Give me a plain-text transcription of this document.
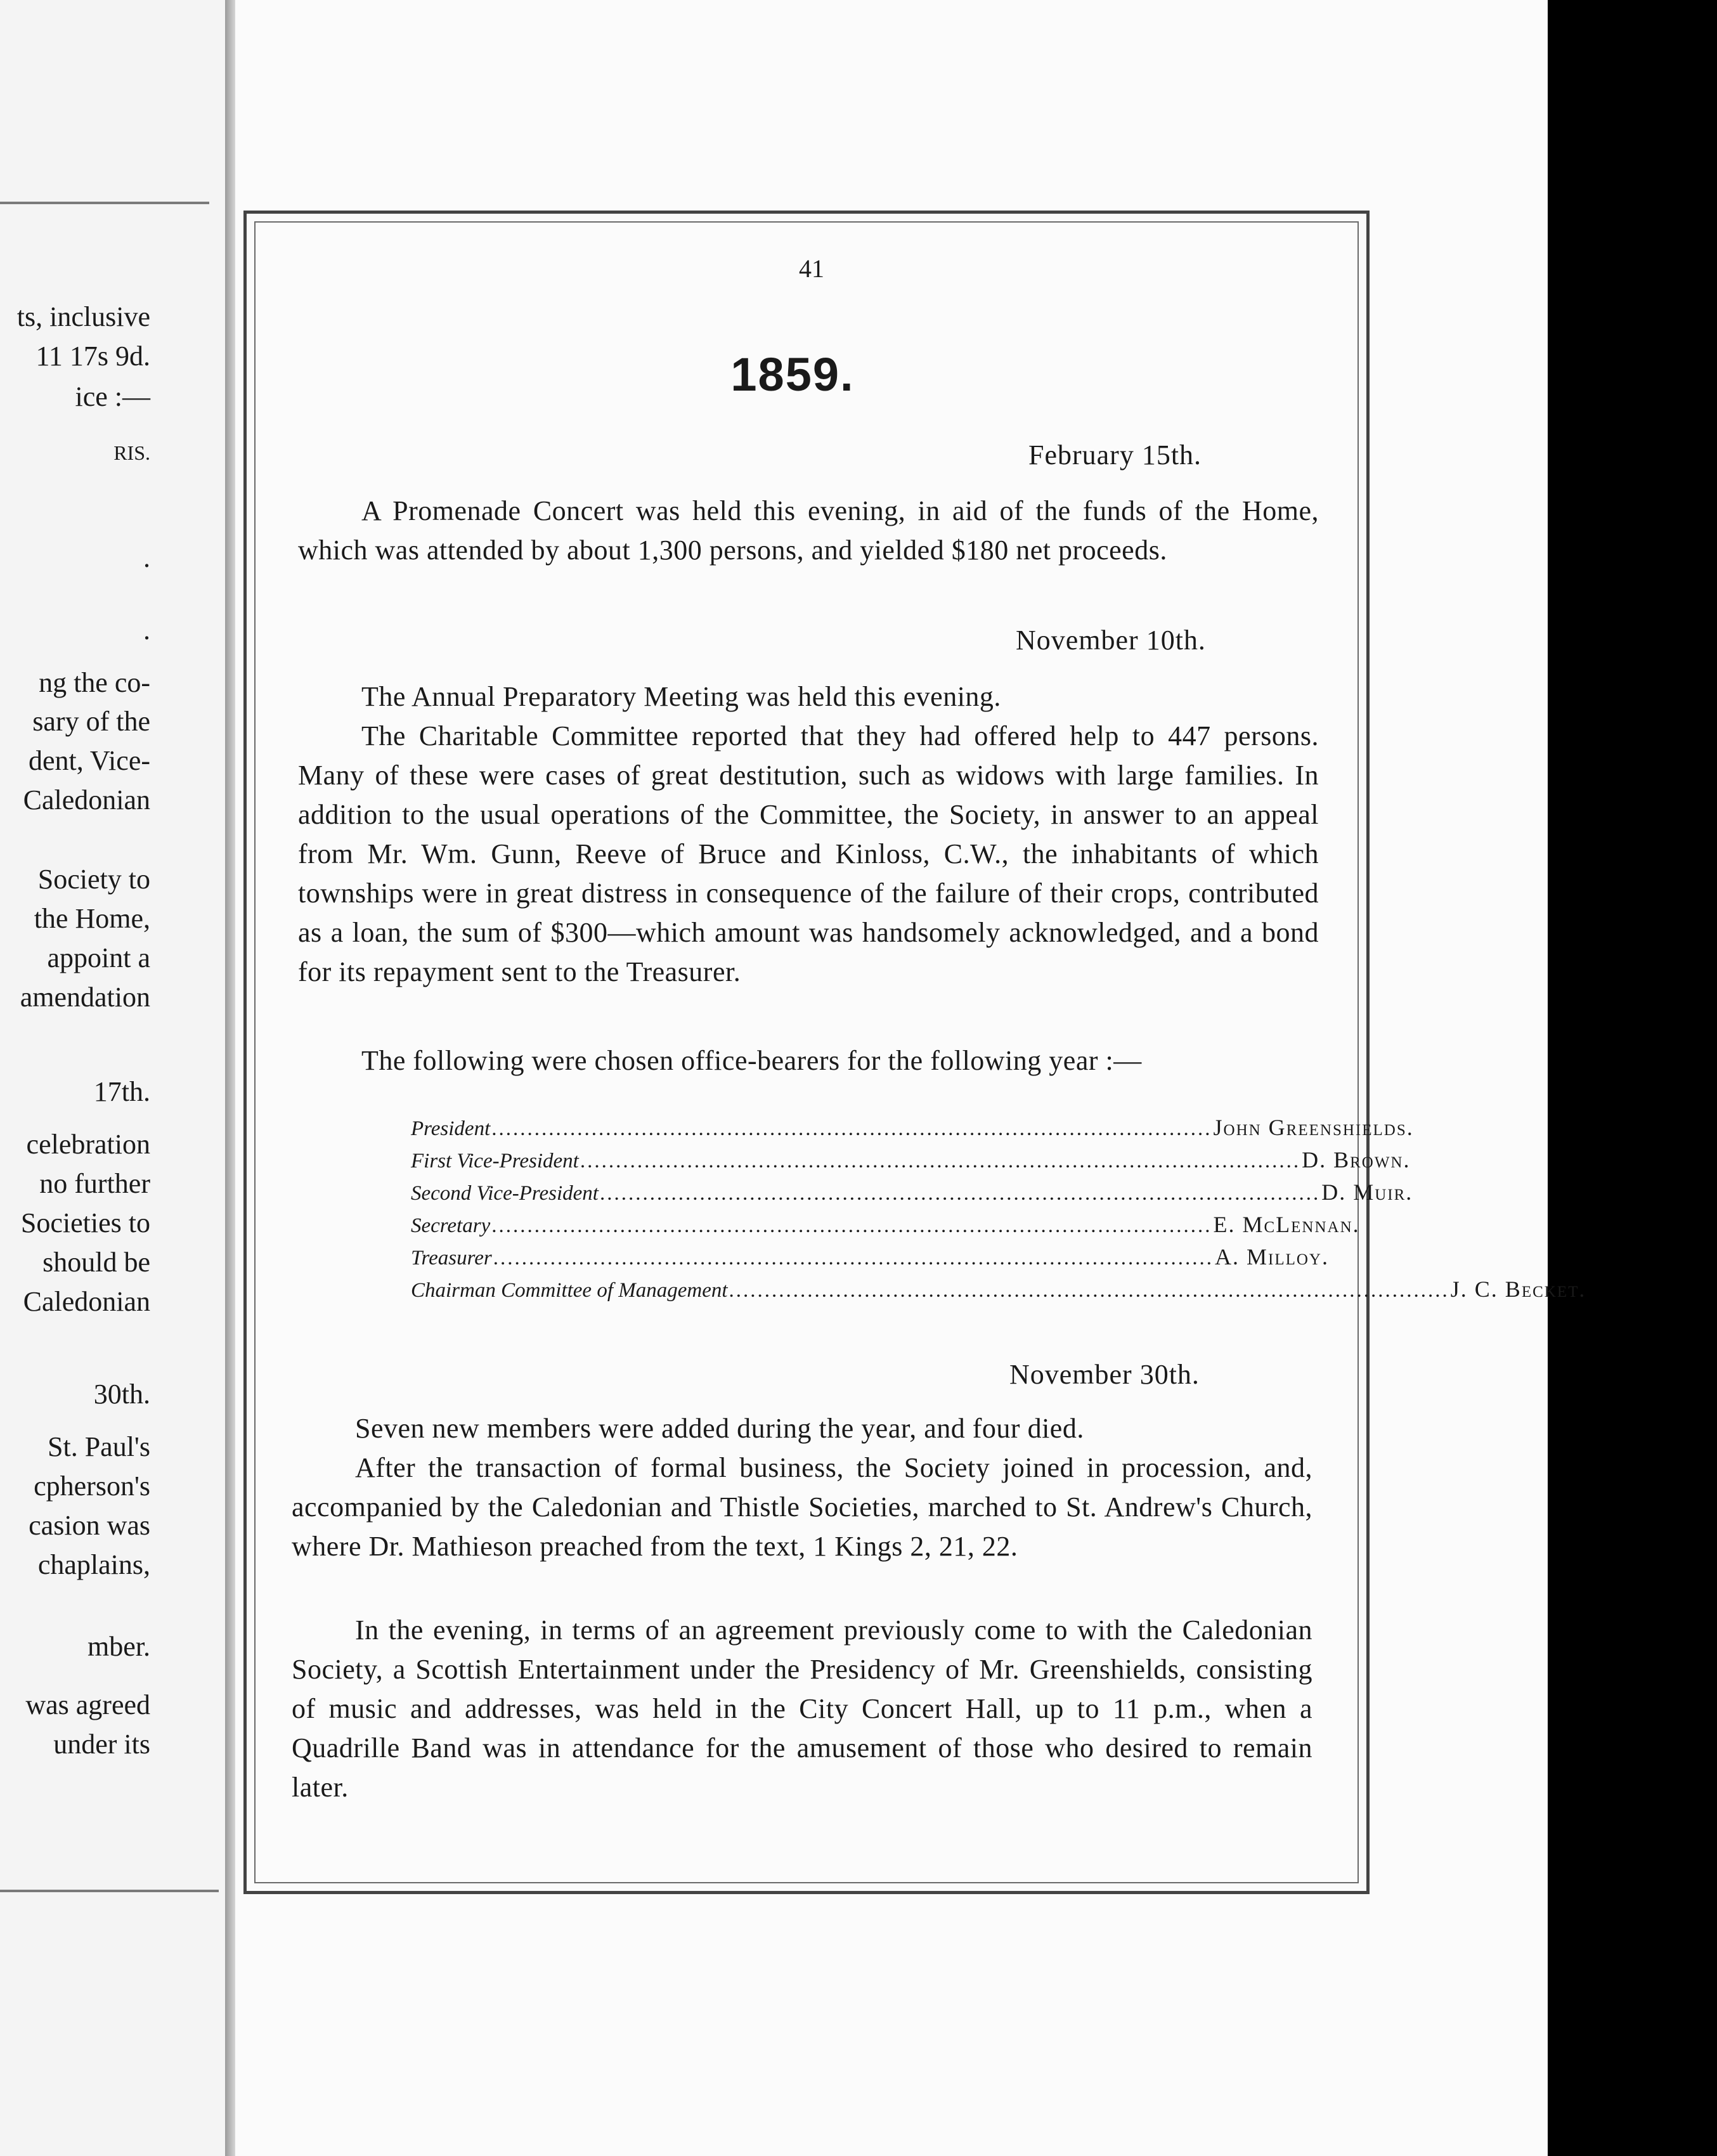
ts, inclusive
11 17s 9d.
ice :—
RIS.
.
.
ng the co-
sary of the
dent, Vice-
Caledonian
Society to
the Home,
appoint a
amendation
17th.
celebration
no further
Societies to
should be
Caledonian
30th.
St. Paul's
cpherson's
casion was
chaplains,
mber.
was agreed
under its
41
1859.
February 15th.
A Promenade Concert was held this evening, in aid of the funds of the Home, which was attended by about 1,300 persons, and yielded $180 net proceeds.
November 10th.
The Annual Preparatory Meeting was held this evening.
The Charitable Committee reported that they had offered help to 447 persons. Many of these were cases of great destitution, such as widows with large families. In addition to the usual operations of the Committee, the Society, in answer to an appeal from Mr. Wm. Gunn, Reeve of Bruce and Kinloss, C.W., the inhabitants of which townships were in great distress in consequence of the failure of their crops, contributed as a loan, the sum of $300—which amount was handsomely acknowledged, and a bond for its repayment sent to the Treasurer.
The following were chosen office-bearers for the following year :—
President ..................................................................................................... John Greenshields.
First Vice-President ..................................................................................................... D. Brown.
Second Vice-President ..................................................................................................... D. Muir.
Secretary ..................................................................................................... E. McLennan.
Treasurer ..................................................................................................... A. Milloy.
Chairman Committee of Management ..................................................................................................... J. C. Becket.
November 30th.
Seven new members were added during the year, and four died.
After the transaction of formal business, the Society joined in procession, and, accompanied by the Caledonian and Thistle Societies, marched to St. Andrew's Church, where Dr. Mathieson preached from the text, 1 Kings 2, 21, 22.
In the evening, in terms of an agreement previously come to with the Caledonian Society, a Scottish Entertainment under the Presidency of Mr. Greenshields, consisting of music and addresses, was held in the City Concert Hall, up to 11 p.m., when a Quadrille Band was in attendance for the amusement of those who desired to remain later.
